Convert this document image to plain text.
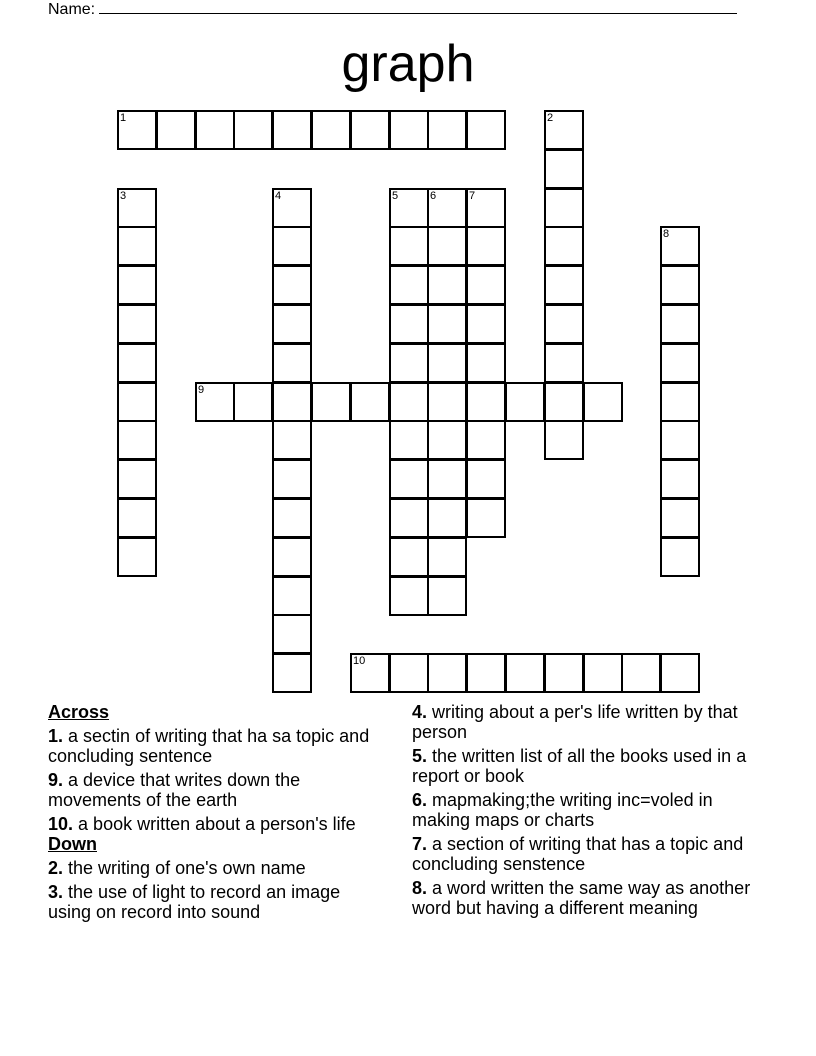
Name:
graph
1	2
3	4	5	6	7
8
9
10
Across
1. a sectin of writing that ha sa topic and concluding sentence
9. a device that writes down the movements of the earth
10. a book written about a person's life
Down
2. the writing of one's own name
3. the use of light to record an image using on record into sound
4. writing about a per's life written by that person
5. the written list of all the books used in a report or book
6. mapmaking;the writing inc=voled in making maps or charts
7. a section of writing that has a topic and concluding senstence
8. a word written the same way as another word but having a different meaning
